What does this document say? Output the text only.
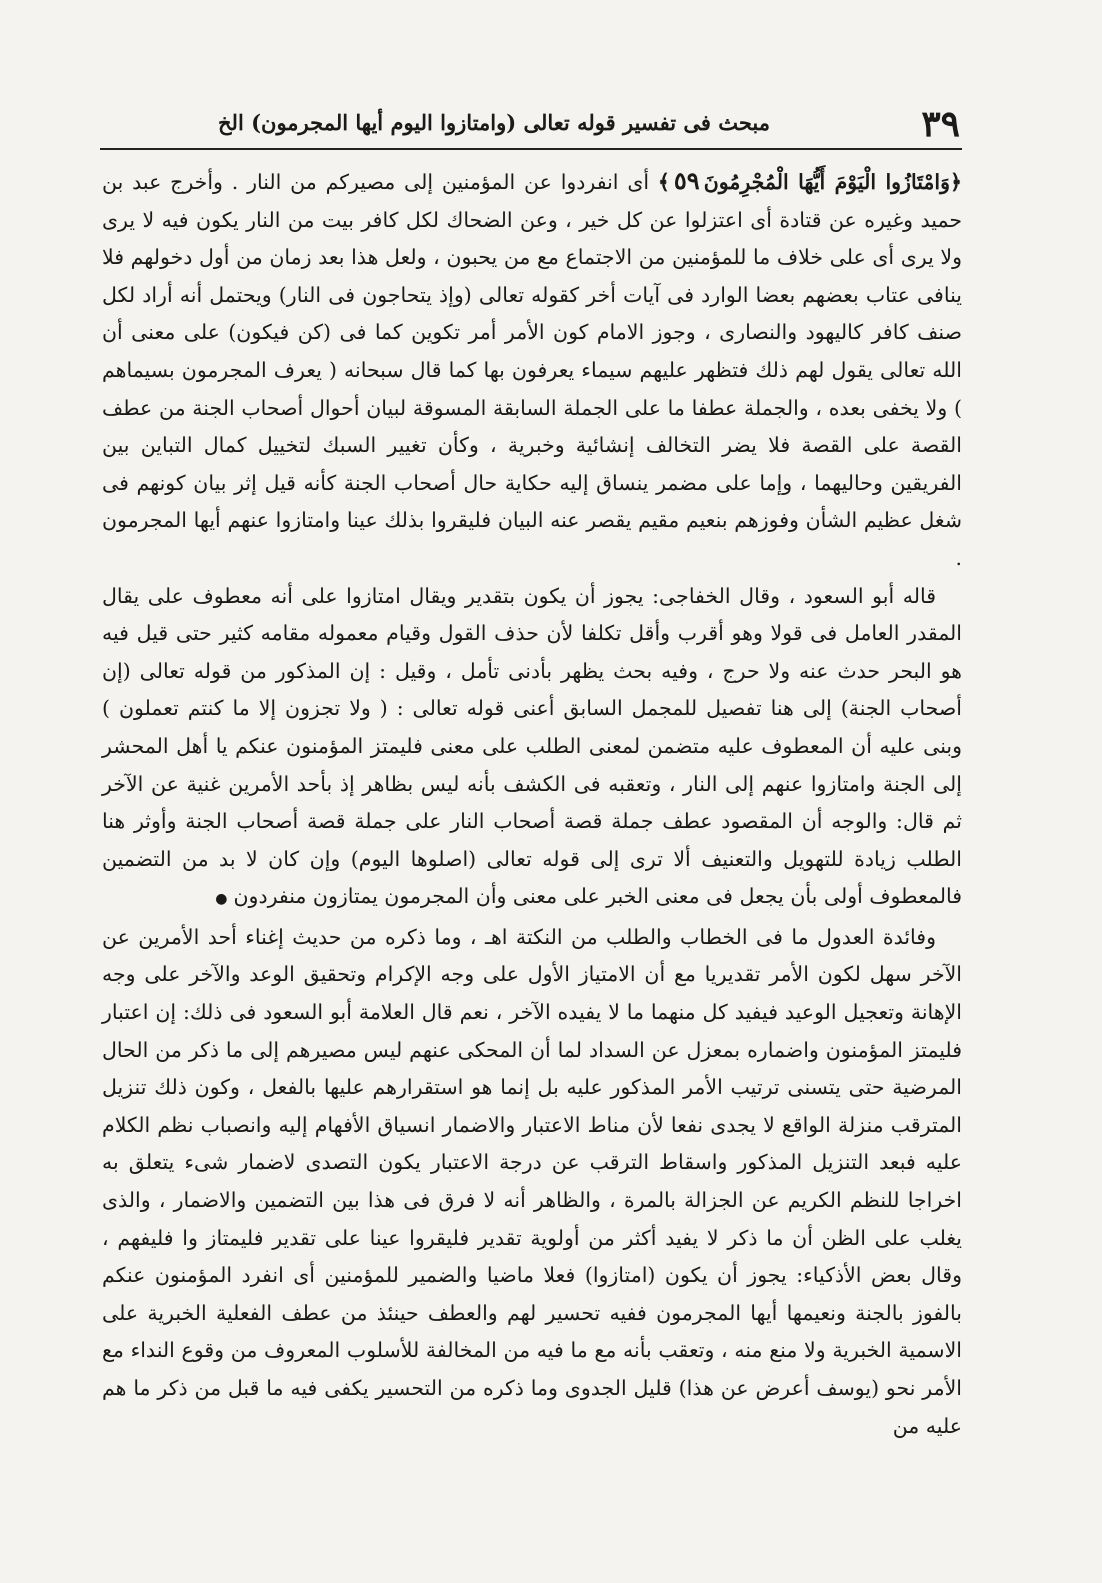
٣٩
مبحث فى تفسير قوله تعالى (وامتازوا اليوم أيها المجرمون) الخ

﴿وَامْتَازُوا الْيَوْمَ أَيُّهَا الْمُجْرِمُونَ٥٩﴾ أى انفردوا عن المؤمنين إلى مصيركم من النار . وأخرج عبد بن حميد وغيره عن قتادة أى اعتزلوا عن كل خير ، وعن الضحاك لكل كافر بيت من النار يكون فيه لا يرى ولا يرى أى على خلاف ما للمؤمنين من الاجتماع مع من يحبون ، ولعل هذا بعد زمان من أول دخولهم فلا ينافى عتاب بعضهم بعضا الوارد فى آيات أخر كقوله تعالى (وإذ يتحاجون فى النار) ويحتمل أنه أراد لكل صنف كافر كاليهود والنصارى ، وجوز الامام كون الأمر أمر تكوين كما فى (كن فيكون) على معنى أن الله تعالى يقول لهم ذلك فتظهر عليهم سيماء يعرفون بها كما قال سبحانه ( يعرف المجرمون بسيماهم ) ولا يخفى بعده ، والجملة عطفا ما على الجملة السابقة المسوقة لبيان أحوال أصحاب الجنة من عطف القصة على القصة فلا يضر التخالف إنشائية وخبرية ، وكأن تغيير السبك لتخييل كمال التباين بين الفريقين وحاليهما ، وإما على مضمر ينساق إليه حكاية حال أصحاب الجنة كأنه قيل إثر بيان كونهم فى شغل عظيم الشأن وفوزهم بنعيم مقيم يقصر عنه البيان فليقروا بذلك عينا وامتازوا عنهم أيها المجرمون .

قاله أبو السعود ، وقال الخفاجى: يجوز أن يكون بتقدير ويقال امتازوا على أنه معطوف على يقال المقدر العامل فى قولا وهو أقرب وأقل تكلفا لأن حذف القول وقيام معموله مقامه كثير حتى قيل فيه هو البحر حدث عنه ولا حرج ، وفيه بحث يظهر بأدنى تأمل ، وقيل : إن المذكور من قوله تعالى (إن أصحاب الجنة) إلى هنا تفصيل للمجمل السابق أعنى قوله تعالى : ( ولا تجزون إلا ما كنتم تعملون ) وبنى عليه أن المعطوف عليه متضمن لمعنى الطلب على معنى فليمتز المؤمنون عنكم يا أهل المحشر إلى الجنة وامتازوا عنهم إلى النار ، وتعقبه فى الكشف بأنه ليس بظاهر إذ بأحد الأمرين غنية عن الآخر ثم قال: والوجه أن المقصود عطف جملة قصة أصحاب النار على جملة قصة أصحاب الجنة وأوثر هنا الطلب زيادة للتهويل والتعنيف ألا ترى إلى قوله تعالى (اصلوها اليوم) وإن كان لا بد من التضمين فالمعطوف أولى بأن يجعل فى معنى الخبر على معنى وأن المجرمون يمتازون منفردون●

وفائدة العدول ما فى الخطاب والطلب من النكتة اهـ ، وما ذكره من حديث إغناء أحد الأمرين عن الآخر سهل لكون الأمر تقديريا مع أن الامتياز الأول على وجه الإكرام وتحقيق الوعد والآخر على وجه الإهانة وتعجيل الوعيد فيفيد كل منهما ما لا يفيده الآخر ، نعم قال العلامة أبو السعود فى ذلك: إن اعتبار فليمتز المؤمنون واضماره بمعزل عن السداد لما أن المحكى عنهم ليس مصيرهم إلى ما ذكر من الحال المرضية حتى يتسنى ترتيب الأمر المذكور عليه بل إنما هو استقرارهم عليها بالفعل ، وكون ذلك تنزيل المترقب منزلة الواقع لا يجدى نفعا لأن مناط الاعتبار والاضمار انسياق الأفهام إليه وانصباب نظم الكلام عليه فبعد التنزيل المذكور واسقاط الترقب عن درجة الاعتبار يكون التصدى لاضمار شىء يتعلق به اخراجا للنظم الكريم عن الجزالة بالمرة ، والظاهر أنه لا فرق فى هذا بين التضمين والاضمار ، والذى يغلب على الظن أن ما ذكر لا يفيد أكثر من أولوية تقدير فليقروا عينا على تقدير فليمتاز وا فليفهم ، وقال بعض الأذكياء: يجوز أن يكون (امتازوا) فعلا ماضيا والضمير للمؤمنين أى انفرد المؤمنون عنكم بالفوز بالجنة ونعيمها أيها المجرمون ففيه تحسير لهم والعطف حينئذ من عطف الفعلية الخبرية على الاسمية الخبرية ولا منع منه ، وتعقب بأنه مع ما فيه من المخالفة للأسلوب المعروف من وقوع النداء مع الأمر نحو (يوسف أعرض عن هذا) قليل الجدوى وما ذكره من التحسير يكفى فيه ما قبل من ذكر ما هم عليه من
